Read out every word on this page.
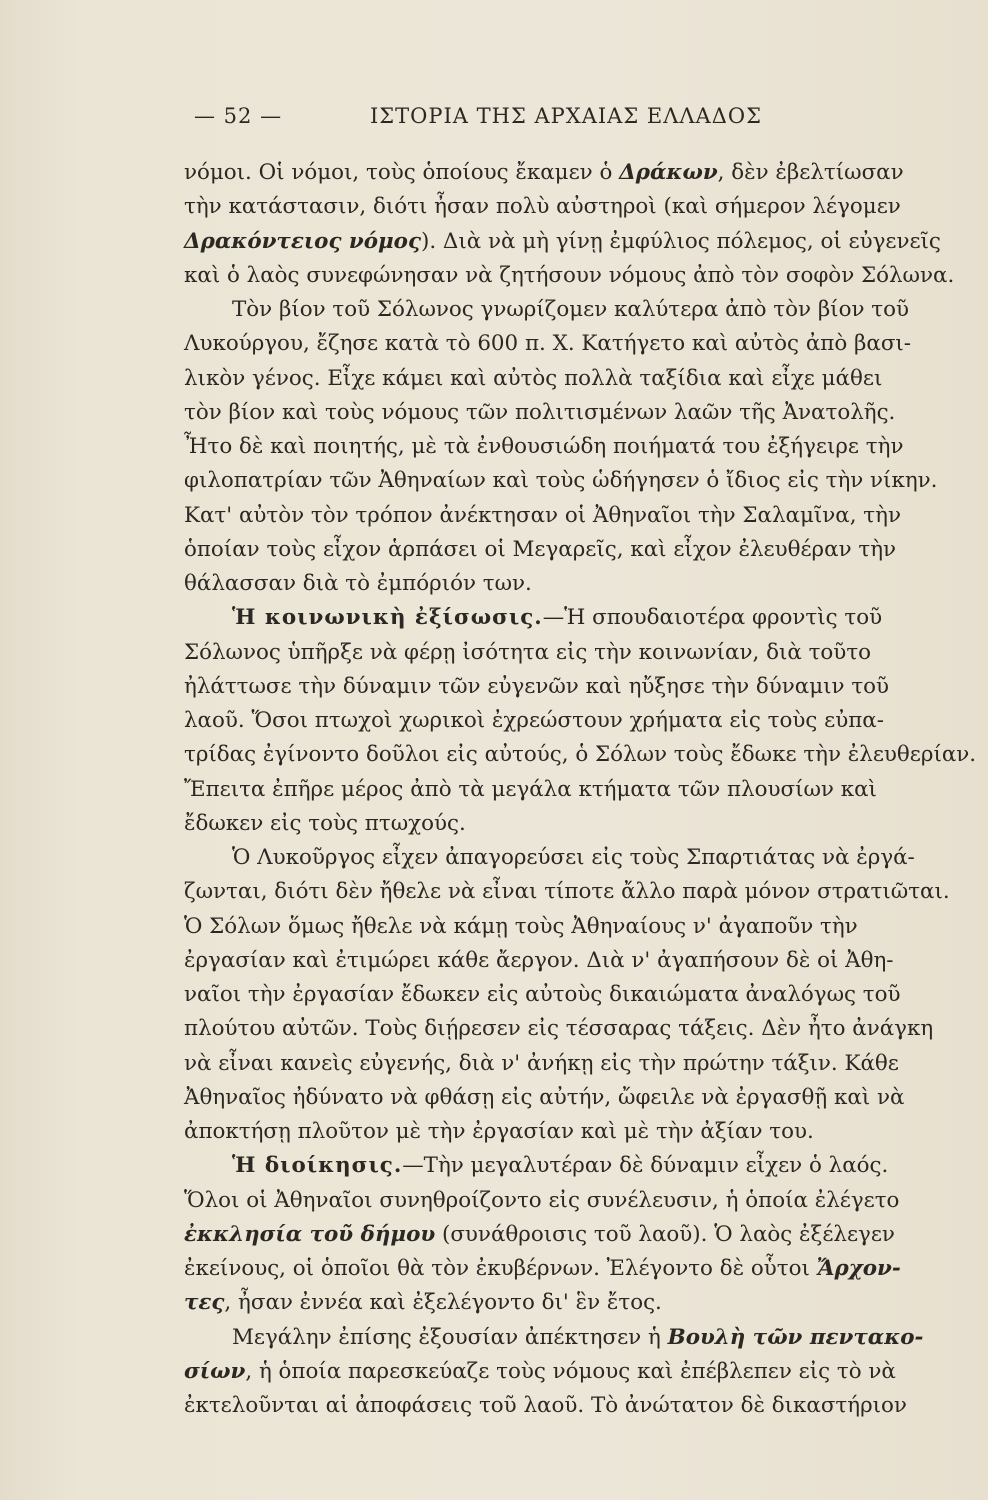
— 52 —	ΙΣΤΟΡΙΑ ΤΗΣ ΑΡΧΑΙΑΣ ΕΛΛΑΔΟΣ
νόμοι. Οἱ νόμοι, τοὺς ὁποίους ἔκαμεν ὁ Δράκων, δὲν ἐβελτίωσαν
τὴν κατάστασιν, διότι ἦσαν πολὺ αὐστηροὶ (καὶ σήμερον λέγομεν
Δρακόντειος νόμος). Διὰ νὰ μὴ γίνῃ ἐμφύλιος πόλεμος, οἱ εὐγενεῖς
καὶ ὁ λαὸς συνεφώνησαν νὰ ζητήσουν νόμους ἀπὸ τὸν σοφὸν Σόλωνα.
Τὸν βίον τοῦ Σόλωνος γνωρίζομεν καλύτερα ἀπὸ τὸν βίον τοῦ
Λυκούργου, ἔζησε κατὰ τὸ 600 π. Χ. Κατήγετο καὶ αὐτὸς ἀπὸ βασι-
λικὸν γένος. Εἶχε κάμει καὶ αὐτὸς πολλὰ ταξίδια καὶ εἶχε μάθει
τὸν βίον καὶ τοὺς νόμους τῶν πολιτισμένων λαῶν τῆς Ἀνατολῆς.
Ἦτο δὲ καὶ ποιητής, μὲ τὰ ἐνθουσιώδη ποιήματά του ἐξήγειρε τὴν
φιλοπατρίαν τῶν Ἀθηναίων καὶ τοὺς ὡδήγησεν ὁ ἴδιος εἰς τὴν νίκην.
Κατ' αὐτὸν τὸν τρόπον ἀνέκτησαν οἱ Ἀθηναῖοι τὴν Σαλαμῖνα, τὴν
ὁποίαν τοὺς εἶχον ἁρπάσει οἱ Μεγαρεῖς, καὶ εἶχον ἐλευθέραν τὴν
θάλασσαν διὰ τὸ ἐμπόριόν των.
Ἡ κοινωνικὴ ἐξίσωσις.—Ἡ σπουδαιοτέρα φροντὶς τοῦ
Σόλωνος ὑπῆρξε νὰ φέρῃ ἰσότητα εἰς τὴν κοινωνίαν, διὰ τοῦτο
ἠλάττωσε τὴν δύναμιν τῶν εὐγενῶν καὶ ηὔξησε τὴν δύναμιν τοῦ
λαοῦ. Ὅσοι πτωχοὶ χωρικοὶ ἐχρεώστουν χρήματα εἰς τοὺς εὐπα-
τρίδας ἐγίνοντο δοῦλοι εἰς αὐτούς, ὁ Σόλων τοὺς ἔδωκε τὴν ἐλευθερίαν.
Ἔπειτα ἐπῆρε μέρος ἀπὸ τὰ μεγάλα κτήματα τῶν πλουσίων καὶ
ἔδωκεν εἰς τοὺς πτωχούς.
Ὁ Λυκοῦργος εἶχεν ἀπαγορεύσει εἰς τοὺς Σπαρτιάτας νὰ ἐργά-
ζωνται, διότι δὲν ἤθελε νὰ εἶναι τίποτε ἄλλο παρὰ μόνον στρατιῶται.
Ὁ Σόλων ὅμως ἤθελε νὰ κάμῃ τοὺς Ἀθηναίους ν' ἀγαποῦν τὴν
ἐργασίαν καὶ ἐτιμώρει κάθε ἄεργον. Διὰ ν' ἀγαπήσουν δὲ οἱ Ἀθη-
ναῖοι τὴν ἐργασίαν ἔδωκεν εἰς αὐτοὺς δικαιώματα ἀναλόγως τοῦ
πλούτου αὐτῶν. Τοὺς διῄρεσεν εἰς τέσσαρας τάξεις. Δὲν ἦτο ἀνάγκη
νὰ εἶναι κανεὶς εὐγενής, διὰ ν' ἀνήκῃ εἰς τὴν πρώτην τάξιν. Κάθε
Ἀθηναῖος ἠδύνατο νὰ φθάσῃ εἰς αὐτήν, ὤφειλε νὰ ἐργασθῇ καὶ νὰ
ἀποκτήσῃ πλοῦτον μὲ τὴν ἐργασίαν καὶ μὲ τὴν ἀξίαν του.
Ἡ διοίκησις.—Τὴν μεγαλυτέραν δὲ δύναμιν εἶχεν ὁ λαός.
Ὅλοι οἱ Ἀθηναῖοι συνηθροίζοντο εἰς συνέλευσιν, ἡ ὁποία ἐλέγετο
ἐκκλησία τοῦ δήμου (συνάθροισις τοῦ λαοῦ). Ὁ λαὸς ἐξέλεγεν
ἐκείνους, οἱ ὁποῖοι θὰ τὸν ἐκυβέρνων. Ἐλέγοντο δὲ οὗτοι Ἄρχον-
τες, ἦσαν ἐννέα καὶ ἐξελέγοντο δι' ἓν ἔτος.
Μεγάλην ἐπίσης ἐξουσίαν ἀπέκτησεν ἡ Βουλὴ τῶν πεντακο-
σίων, ἡ ὁποία παρεσκεύαζε τοὺς νόμους καὶ ἐπέβλεπεν εἰς τὸ νὰ
ἐκτελοῦνται αἱ ἀποφάσεις τοῦ λαοῦ. Τὸ ἀνώτατον δὲ δικαστήριον
